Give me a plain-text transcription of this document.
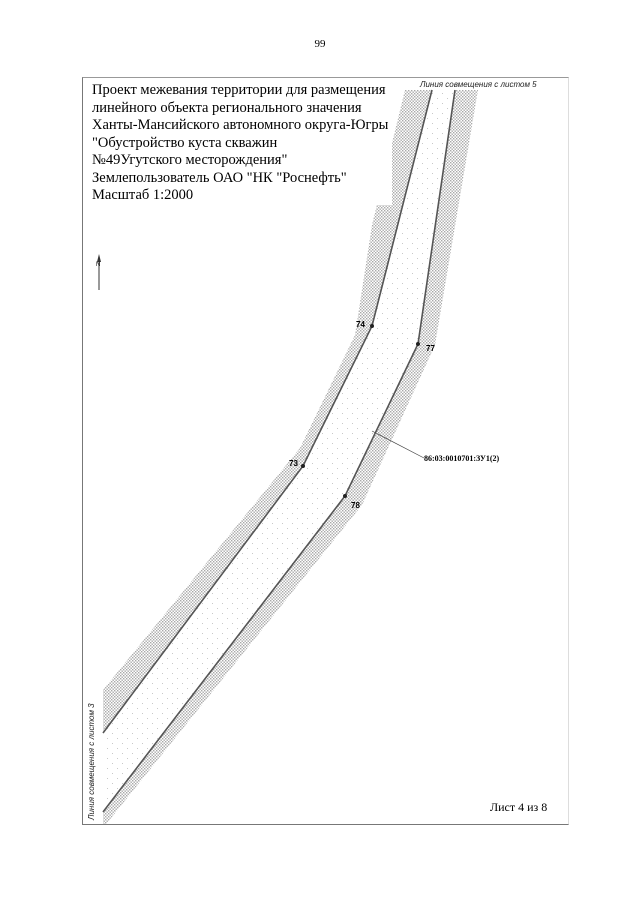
99
Проект межевания территории для размещения
линейного объекта регионального значения
Ханты-Мансийского автономного округа-Югры
"Обустройство куста скважин
№49Угутского месторождения"
Землепользователь ОАО "НК "Роснефть"
Масштаб 1:2000
Линия совмещения с листом 5
Линия совмещения с листом 3
N
73
74
77
78
86:03:0010701:ЗУ1(2)
Лист 4 из 8
